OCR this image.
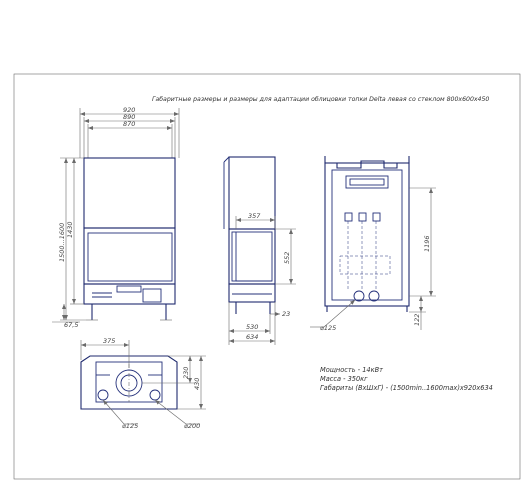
Габаритные размеры и размеры для адаптации облицовки топки Delta левая со стеклом 800x600x450
920
890
870
1500...1600 1430
67,5
357
552
23
530
634
1196
122
⌀125
375
230
430
⌀125	⌀200
Мощность - 14кВт
Масса - 350кг
Габариты (ВхШхГ) - (1500min..1600max)х920х634
